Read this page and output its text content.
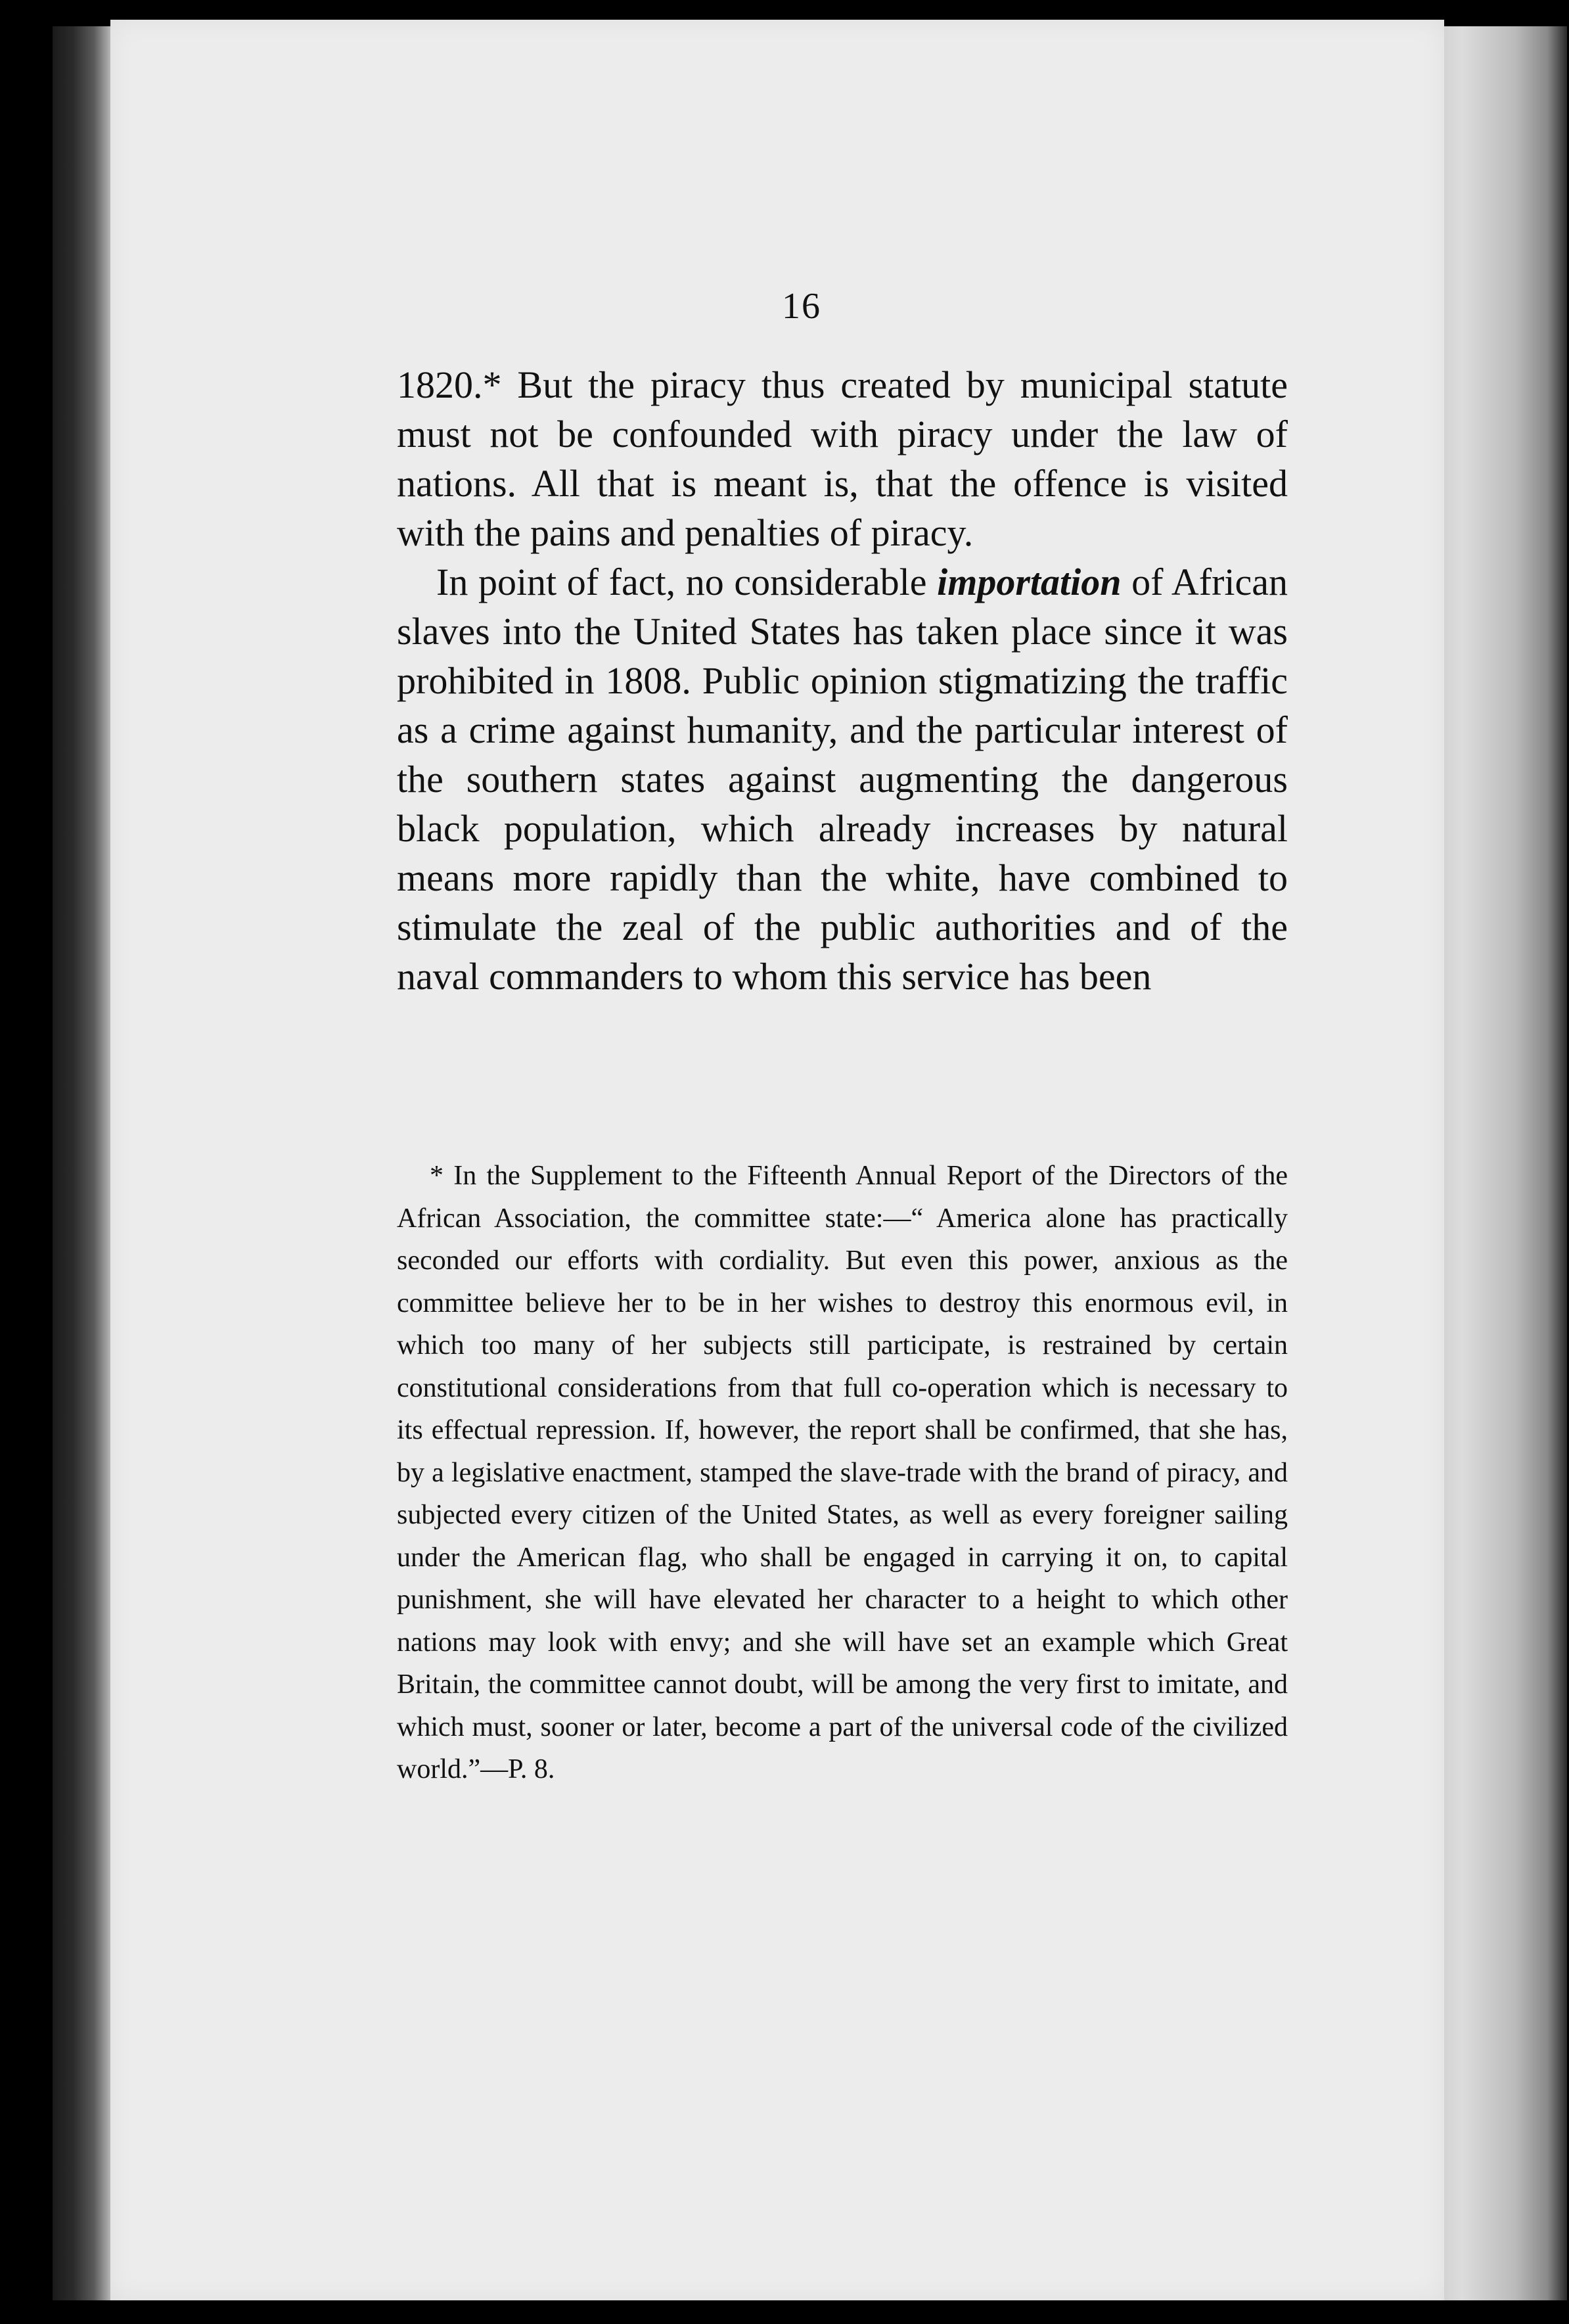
16

1820.* But the piracy thus created by municipal statute must not be confounded with piracy under the law of nations. All that is meant is, that the offence is visited with the pains and penalties of piracy.

In point of fact, no considerable importation of African slaves into the United States has taken place since it was prohibited in 1808. Public opinion stigmatizing the traffic as a crime against humanity, and the particular interest of the southern states against augmenting the dangerous black population, which already increases by natural means more rapidly than the white, have combined to stimulate the zeal of the public authorities and of the naval commanders to whom this service has been

* In the Supplement to the Fifteenth Annual Report of the Directors of the African Association, the committee state:—“ America alone has practically seconded our efforts with cordiality. But even this power, anxious as the committee believe her to be in her wishes to destroy this enormous evil, in which too many of her subjects still participate, is restrained by certain constitutional considerations from that full co-operation which is necessary to its effectual repression. If, however, the report shall be confirmed, that she has, by a legislative enactment, stamped the slave-trade with the brand of piracy, and subjected every citizen of the United States, as well as every foreigner sailing under the American flag, who shall be engaged in carrying it on, to capital punishment, she will have elevated her character to a height to which other nations may look with envy; and she will have set an example which Great Britain, the committee cannot doubt, will be among the very first to imitate, and which must, sooner or later, become a part of the universal code of the civilized world.”—P. 8.
